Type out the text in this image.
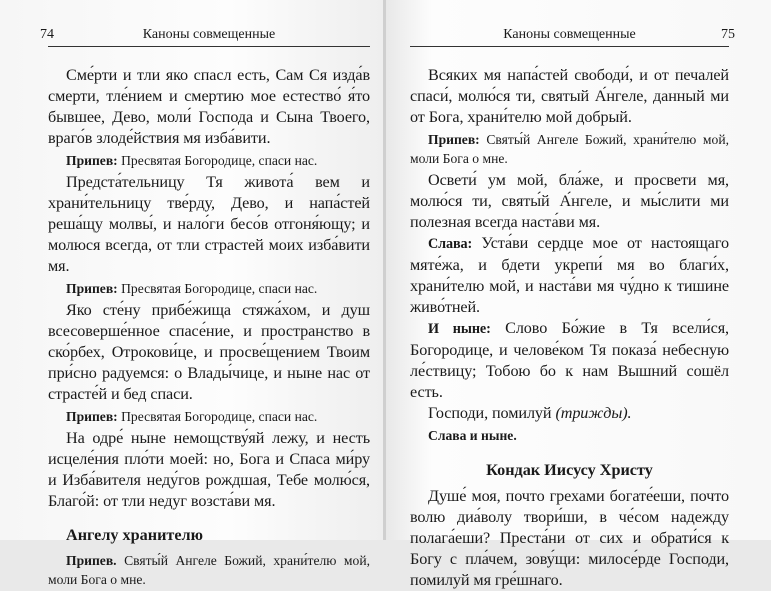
74	Каноны совмещенные

Сме́рти и тли яко спасл есть, Сам Ся изда́в смерти, тле́нием и смертию мое естество́ я́то бывшее, Дево, моли́ Господа и Сына Твоего, враго́в злоде́йствия мя изба́вити.

Припев: Пресвятая Богородице, спаси нас.

Предста́тельницу Тя живота́ вем и храни́тельницу тве́рду, Дево, и напа́стей реша́щу молвы́, и нало́ги бесо́в отгоня́ющу; и молюся всегда, от тли страстей моих изба́вити мя.

Припев: Пресвятая Богородице, спаси нас.

Яко сте́ну прибе́жища стяжа́хом, и душ всесоверше́нное спасе́ние, и пространство в ско́рбех, Отрокови́це, и просве́щением Твоим при́сно радуемся: о Влады́чице, и ныне нас от страсте́й и бед спаси.

Припев: Пресвятая Богородице, спаси нас.

На одре́ ныне немощству́яй лежу, и несть исцеле́ния пло́ти моей: но, Бога и Спаса ми́ру и Изба́вителя неду́гов рождшая, Тебе молю́ся, Благо́й: от тли недуг возста́ви мя.

Ангелу хранителю

Припев. Святы́й Ангеле Божий, храни́телю мой, моли Бога о мне.

Каноны совмещенные	75

Всяких мя напа́стей свободи́, и от печалей спаси́, молю́ся ти, святый А́нгеле, данный ми от Бога, храни́телю мой добрый.

Припев: Святы́й Ангеле Божий, храни́телю мой, моли Бога о мне.

Освети́ ум мой, бла́же, и просвети мя, молю́ся ти, святы́й А́нгеле, и мы́слити ми полезная всегда наста́ви мя.

Слава: Уста́ви сердце мое от настоящаго мяте́жа, и бдети укрепи́ мя во благи́х, храни́телю мой, и наста́ви мя чу́дно к тишине живо́тней.

И ныне: Слово Бо́жие в Тя всели́ся, Богородице, и челове́ком Тя показа́ небесную ле́ствицу; Тобою бо к нам Вышний сошёл есть.

Господи, помилуй (трижды).

Слава и ныне.

Кондак Иисусу Христу

Душе́ моя, почто грехами богате́еши, почто волю диа́волу твори́ши, в че́сом надежду полага́еши? Преста́ни от сих и обрати́ся к Богу с пла́чем, зову́щи: милосе́рде Господи, помилуй мя гре́шнаго.
